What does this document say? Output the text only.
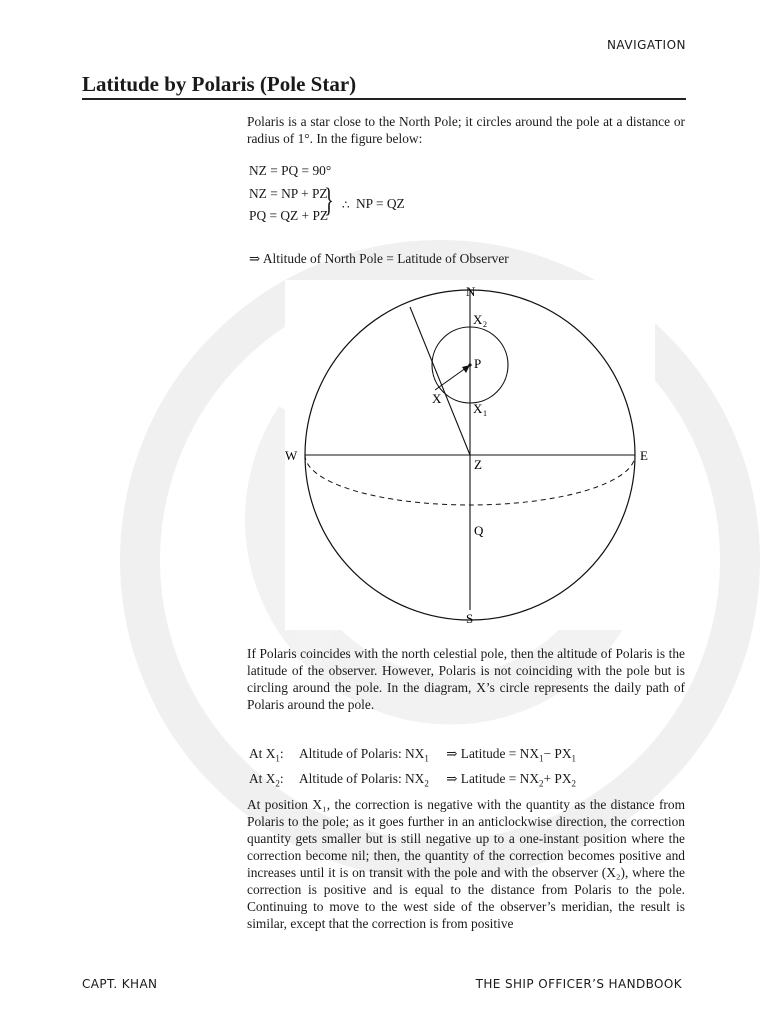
NAVIGATION
Latitude by Polaris (Pole Star)

Polaris is a star close to the North Pole; it circles around the pole at a distance or radius of 1°. In the figure below:

NZ = PQ = 90°
NZ = NP + PZ
PQ = QZ + PZ
} ∴ NP = QZ
⇒ Altitude of North Pole = Latitude of Observer
N
S
E
W
Z
Q
P
X
X 2
X 1

If Polaris coincides with the north celestial pole, then the altitude of Polaris is the latitude of the observer. However, Polaris is not coinciding with the pole but is circling around the pole. In the diagram, X’s circle represents the daily path of Polaris around the pole.

At $X_1$: Altitude of Polaris: $NX_1$ ⇒ Latitude = $NX_1- PX_1$
At $X_2$: Altitude of Polaris: $NX_2$ ⇒ Latitude = $NX_2+ PX_2$

At position X₁, the correction is negative with the quantity as the distance from Polaris to the pole; as it goes further in an anticlockwise direction, the correction quantity gets smaller but is still negative up to a one-instant position where the correction become nil; then, the quantity of the correction becomes positive and increases until it is on transit with the pole and with the observer (X₂), where the correction is positive and is equal to the distance from Polaris to the pole. Continuing to move to the west side of the observer’s meridian, the result is similar, except that the correction is from positive

CAPT. KHAN	THE SHIP OFFICER’S HANDBOOK
